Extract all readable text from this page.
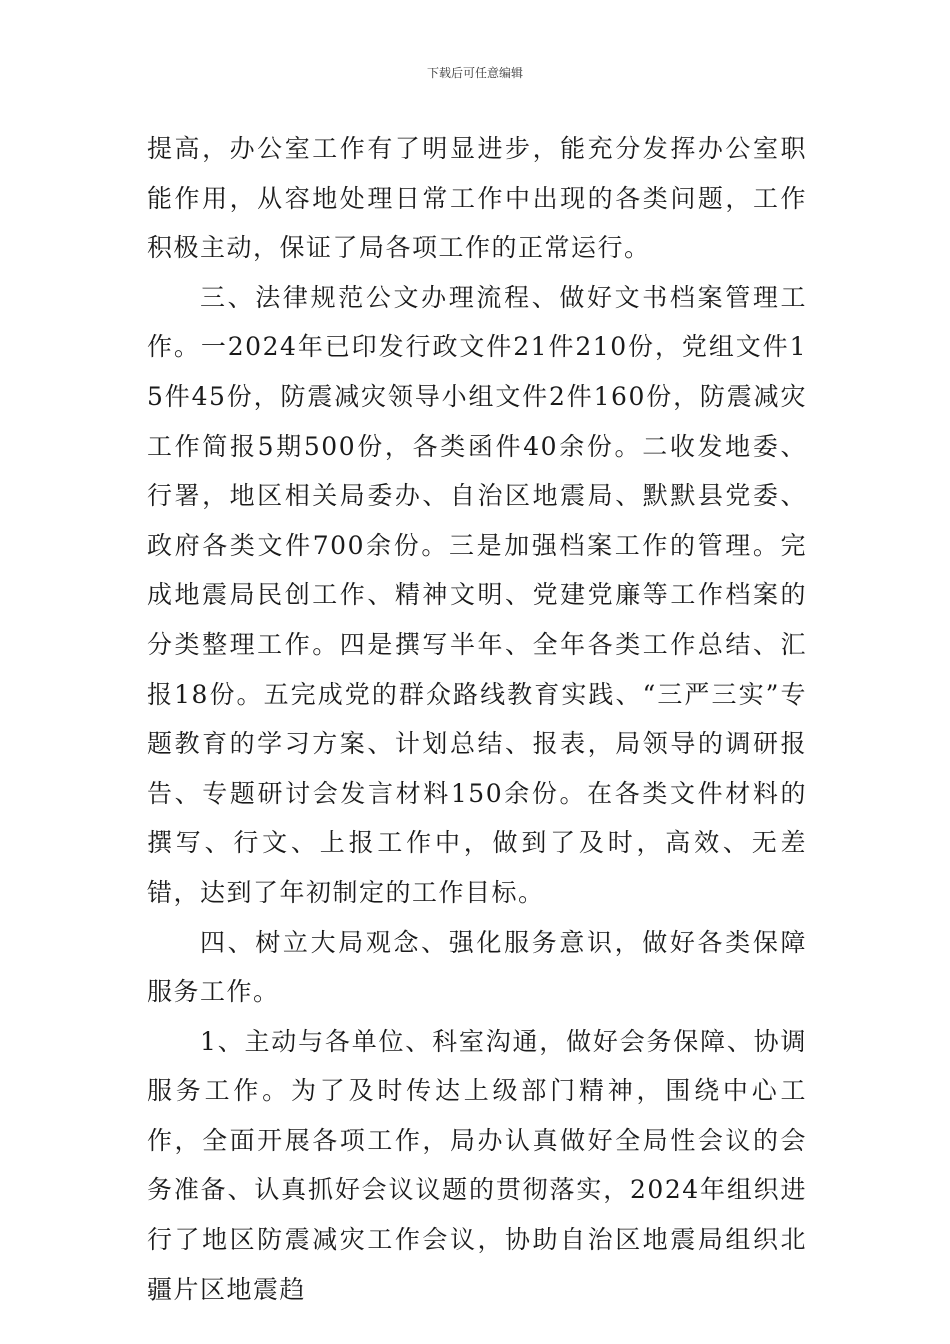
下载后可任意编辑

提高，办公室工作有了明显进步，能充分发挥办公室职能作用，从容地处理日常工作中出现的各类问题，工作积极主动，保证了局各项工作的正常运行。

三、法律规范公文办理流程、做好文书档案管理工作。一2024年已印发行政文件21件210份，党组文件15件45份，防震减灾领导小组文件2件160份，防震减灾工作简报5期500份，各类函件40余份。二收发地委、行署，地区相关局委办、自治区地震局、默默县党委、政府各类文件700余份。三是加强档案工作的管理。完成地震局民创工作、精神文明、党建党廉等工作档案的分类整理工作。四是撰写半年、全年各类工作总结、汇报18份。五完成党的群众路线教育实践、“三严三实”专题教育的学习方案、计划总结、报表，局领导的调研报告、专题研讨会发言材料150余份。在各类文件材料的撰写、行文、上报工作中，做到了及时，高效、无差错，达到了年初制定的工作目标。

四、树立大局观念、强化服务意识，做好各类保障服务工作。

1、主动与各单位、科室沟通，做好会务保障、协调服务工作。为了及时传达上级部门精神，围绕中心工作，全面开展各项工作，局办认真做好全局性会议的会务准备、认真抓好会议议题的贯彻落实，2024年组织进行了地区防震减灾工作会议，协助自治区地震局组织北疆片区地震趋
